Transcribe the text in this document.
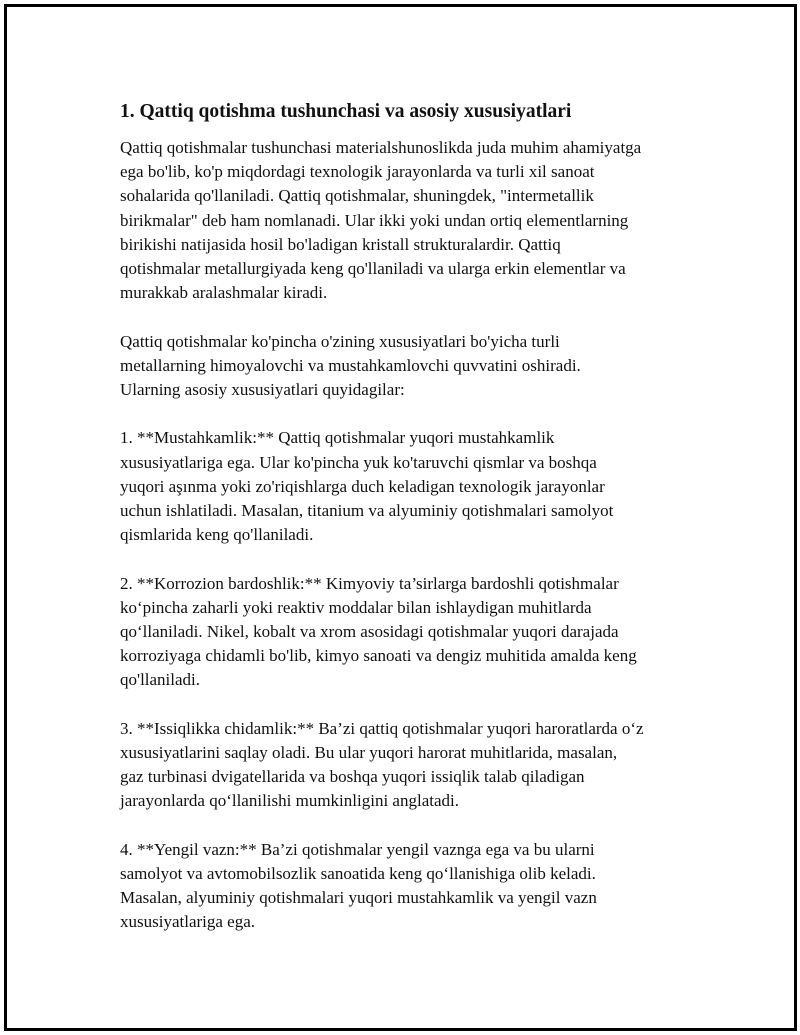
1. Qattiq qotishma tushunchasi va asosiy xususiyatlari

Qattiq qotishmalar tushunchasi materialshunoslikda juda muhim ahamiyatga
ega bo'lib, ko'p miqdordagi texnologik jarayonlarda va turli xil sanoat
sohalarida qo'llaniladi. Qattiq qotishmalar, shuningdek, "intermetallik
birikmalar" deb ham nomlanadi. Ular ikki yoki undan ortiq elementlarning
birikishi natijasida hosil bo'ladigan kristall strukturalardir. Qattiq
qotishmalar metallurgiyada keng qo'llaniladi va ularga erkin elementlar va
murakkab aralashmalar kiradi.

Qattiq qotishmalar ko'pincha o'zining xususiyatlari bo'yicha turli
metallarning himoyalovchi va mustahkamlovchi quvvatini oshiradi.
Ularning asosiy xususiyatlari quyidagilar:

1. **Mustahkamlik:** Qattiq qotishmalar yuqori mustahkamlik
xususiyatlariga ega. Ular ko'pincha yuk ko'taruvchi qismlar va boshqa
yuqori aşınma yoki zo'riqishlarga duch keladigan texnologik jarayonlar
uchun ishlatiladi. Masalan, titanium va alyuminiy qotishmalari samolyot
qismlarida keng qo'llaniladi.

2. **Korrozion bardoshlik:** Kimyoviy ta’sirlarga bardoshli qotishmalar
ko‘pincha zaharli yoki reaktiv moddalar bilan ishlaydigan muhitlarda
qo‘llaniladi. Nikel, kobalt va xrom asosidagi qotishmalar yuqori darajada
korroziyaga chidamli bo'lib, kimyo sanoati va dengiz muhitida amalda keng
qo'llaniladi.

3. **Issiqlikka chidamlik:** Ba’zi qattiq qotishmalar yuqori haroratlarda o‘z
xususiyatlarini saqlay oladi. Bu ular yuqori harorat muhitlarida, masalan,
gaz turbinasi dvigatellarida va boshqa yuqori issiqlik talab qiladigan
jarayonlarda qo‘llanilishi mumkinligini anglatadi.

4. **Yengil vazn:** Ba’zi qotishmalar yengil vaznga ega va bu ularni
samolyot va avtomobilsozlik sanoatida keng qo‘llanishiga olib keladi.
Masalan, alyuminiy qotishmalari yuqori mustahkamlik va yengil vazn
xususiyatlariga ega.
